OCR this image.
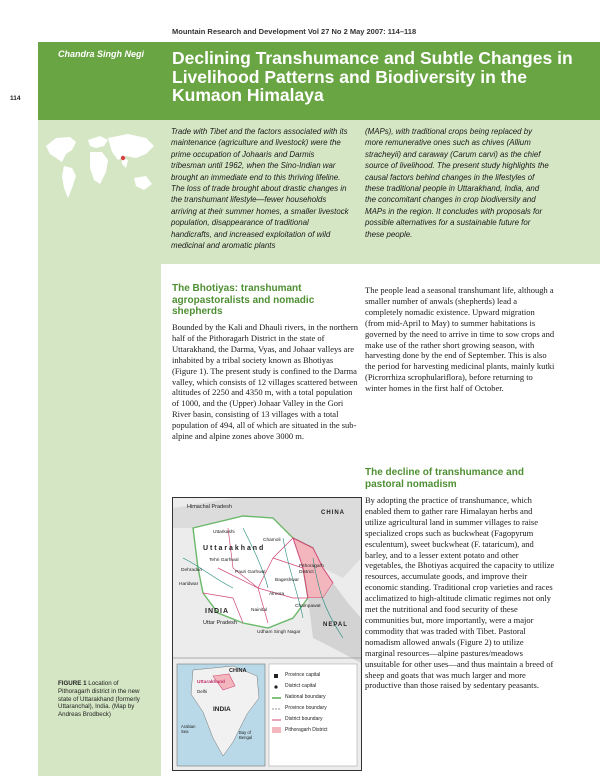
Mountain Research and Development Vol 27 No 2 May 2007: 114–118
114
Chandra Singh Negi Declining Transhumance and Subtle Changes in Livelihood Patterns and Biodiversity in the Kumaon Himalaya
Trade with Tibet and the factors associated with its maintenance (agriculture and livestock) were the prime occupation of Johaaris and Darmis tribesman until 1962, when the Sino-Indian war brought an immediate end to this thriving lifeline. The loss of trade brought about drastic changes in the transhumant lifestyle—fewer households arriving at their summer homes, a smaller livestock population, disappearance of traditional handicrafts, and increased exploitation of wild medicinal and aromatic plants
(MAPs), with traditional crops being replaced by more remunerative ones such as chives (Allium stracheyii) and caraway (Carum carvi) as the chief source of livelihood. The present study highlights the causal factors behind changes in the lifestyles of these traditional people in Uttarakhand, India, and the concomitant changes in crop biodiversity and MAPs in the region. It concludes with proposals for possible alternatives for a sustainable future for these people.
The Bhotiyas: transhumant agropastoralists and nomadic shepherds
Bounded by the Kali and Dhauli rivers, in the northern half of the Pithoragarh District in the state of Uttarakhand, the Darma, Vyas, and Johaar valleys are inhabited by a tribal society known as Bhotiyas (Figure 1). The present study is confined to the Darma valley, which consists of 12 villages scattered between altitudes of 2250 and 4350 m, with a total population of 1000, and the (Upper) Johaar Valley in the Gori River basin, consisting of 13 villages with a total population of 494, all of which are situated in the sub-alpine and alpine zones above 3000 m.
The people lead a seasonal transhumant life, although a smaller number of anwals (shepherds) lead a completely nomadic existence. Upward migration (from mid-April to May) to summer habitations is governed by the need to arrive in time to sow crops and make use of the rather short growing season, with harvesting done by the end of September. This is also the period for harvesting medicinal plants, mainly kutki (Picrorrhiza scrophulariflora), before returning to winter homes in the first half of October.
The decline of transhumance and pastoral nomadism
By adopting the practice of transhumance, which enabled them to gather rare Himalayan herbs and utilize agricultural land in summer villages to raise specialized crops such as buckwheat (Fagopyrum esculentum), sweet buckwheat (F. tataricum), and barley, and to a lesser extent potato and other vegetables, the Bhotiyas acquired the capacity to utilize resources, accumulate goods, and improve their economic standing. Traditional crop varieties and races acclimatized to high-altitude climatic regimes not only met the nutritional and food security of these communities but, more importantly, were a major commodity that was traded with Tibet. Pastoral nomadism allowed anwals (Figure 2) to utilize marginal resources—alpine pastures/meadows unsuitable for other uses—and thus maintain a breed of sheep and goats that was much larger and more productive than those raised by sedentary peasants.
FIGURE 1 Location of Pithoragarh district in the new state of Uttarakhand (formerly Uttaranchal), India. (Map by Andreas Brodbeck)
Himachal Pradesh
CHINA
Uttarkashi
U t t a r a k h a n d
Tehri Garhwal
Chamoli
Dehradun	Pauri Garhwal
Haridwar
Bageshwar
Pithoragarh District
Almora
Nainital
Champawat
Udham Singh Nagar
NEPAL
INDIA
Uttar Pradesh
CHINA
Uttarakhand
Delhi
INDIA
Arabian Sea	Bay of Bengal
Province capital
District capital
National boundary
Province boundary
District boundary
Pithoragarh District
